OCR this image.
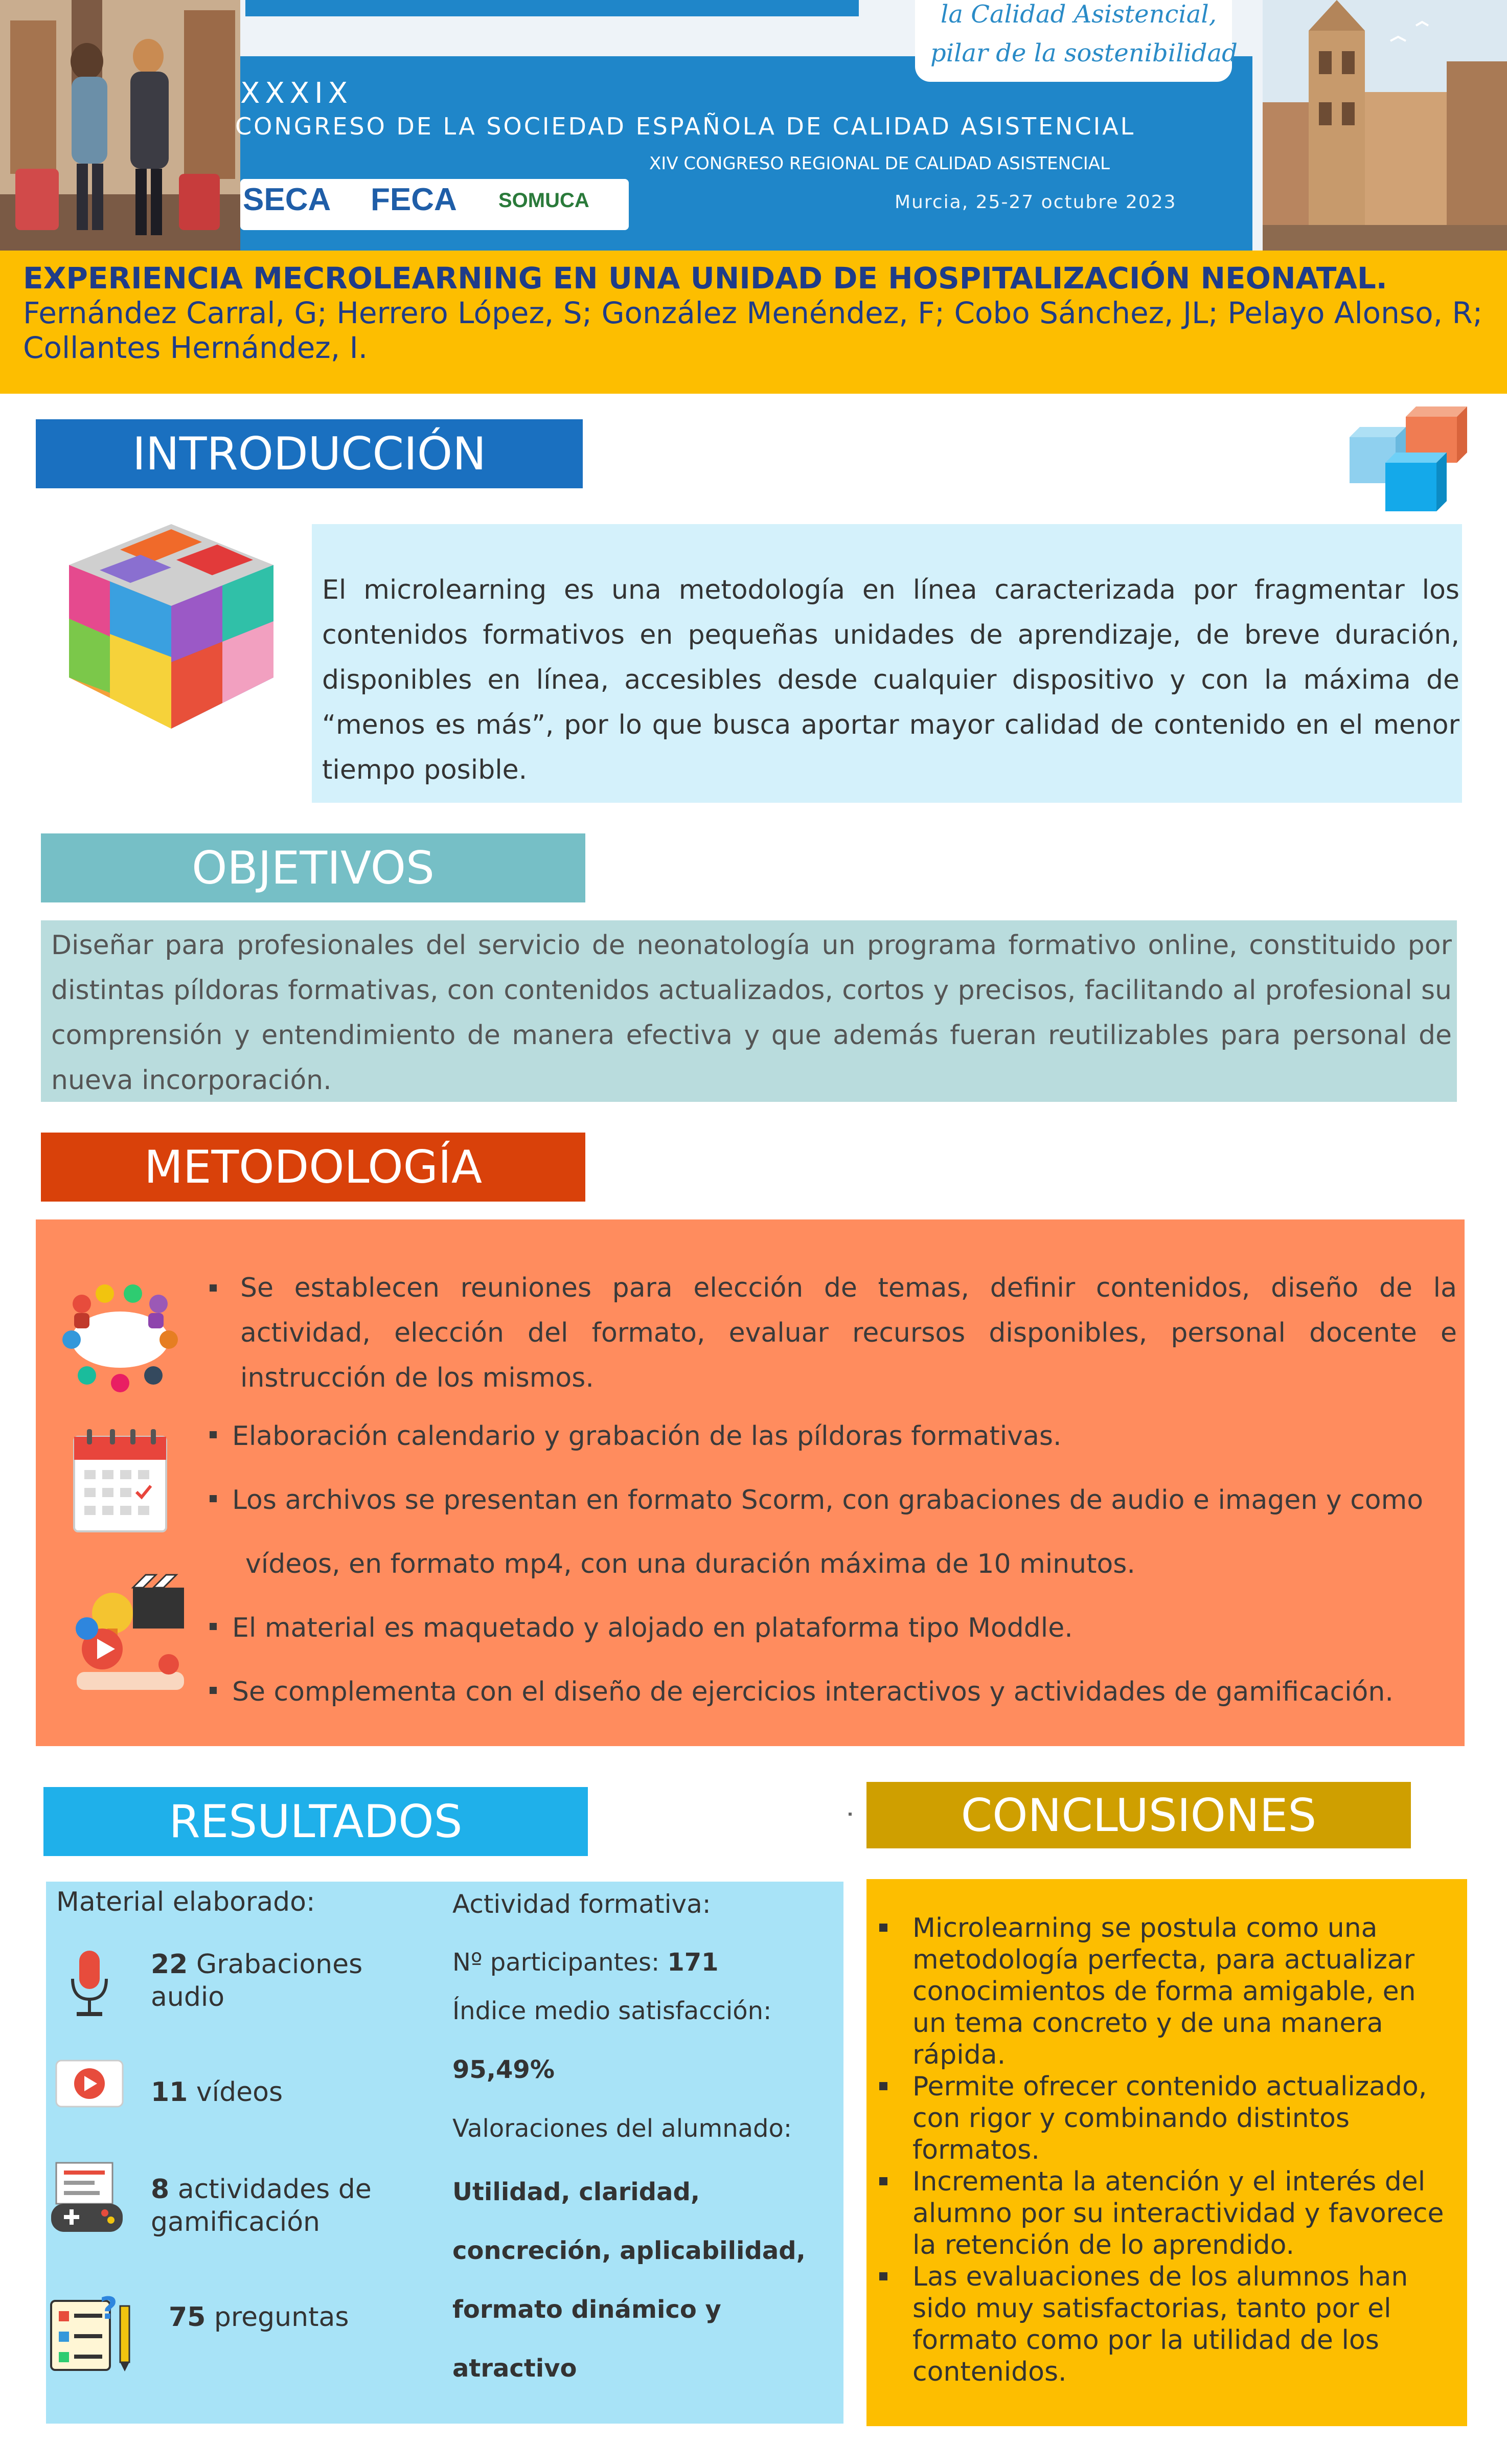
la Calidad Asistencial,
pilar de la sostenibilidad
XXXIX
CONGRESO DE LA SOCIEDAD ESPAÑOLA DE CALIDAD ASISTENCIAL
XIV CONGRESO REGIONAL DE CALIDAD ASISTENCIAL
Murcia, 25-27 octubre 2023
SECA FECA SOMUCA
EXPERIENCIA MECROLEARNING EN UNA UNIDAD DE HOSPITALIZACIÓN NEONATAL. Fernández Carral, G; Herrero López, S; González Menéndez, F; Cobo Sánchez, JL; Pelayo Alonso, R; Collantes Hernández, I.
INTRODUCCIÓN
El microlearning es una metodología en línea caracterizada por fragmentar los contenidos formativos en pequeñas unidades de aprendizaje, de breve duración, disponibles en línea, accesibles desde cualquier dispositivo y con la máxima de “menos es más”, por lo que busca aportar mayor calidad de contenido en el menor tiempo posible.
OBJETIVOS
Diseñar para profesionales del servicio de neonatología un programa formativo online, constituido por distintas píldoras formativas, con contenidos actualizados, cortos y precisos, facilitando al profesional su comprensión y entendimiento de manera efectiva y que además fueran reutilizables para personal de nueva incorporación.
METODOLOGÍA
Se establecen reuniones para elección de temas, definir contenidos, diseño de la actividad, elección del formato, evaluar recursos disponibles, personal docente e instrucción de los mismos.
Elaboración calendario y grabación de las píldoras formativas.
Los archivos se presentan en formato Scorm, con grabaciones de audio e imagen y como
vídeos, en formato mp4, con una duración máxima de 10 minutos.
El material es maquetado y alojado en plataforma tipo Moddle.
Se complementa con el diseño de ejercicios interactivos y actividades de gamificación.
RESULTADOS
Material elaborado:	Actividad formativa:
?
22 Grabaciones audio
11 vídeos
8 actividades de gamificación
75 preguntas
Nº participantes: 171
Índice medio satisfacción:
95,49%
Valoraciones del alumnado:
Utilidad, claridad, concreción, aplicabilidad, formato dinámico y atractivo
CONCLUSIONES
Microlearning se postula como una metodología perfecta, para actualizar conocimientos de forma amigable, en un tema concreto y de una manera rápida.
Permite ofrecer contenido actualizado, con rigor y combinando distintos formatos.
Incrementa la atención y el interés del alumno por su interactividad y favorece la retención de lo aprendido.
Las evaluaciones de los alumnos han sido muy satisfactorias, tanto por el formato como por la utilidad de los contenidos.
